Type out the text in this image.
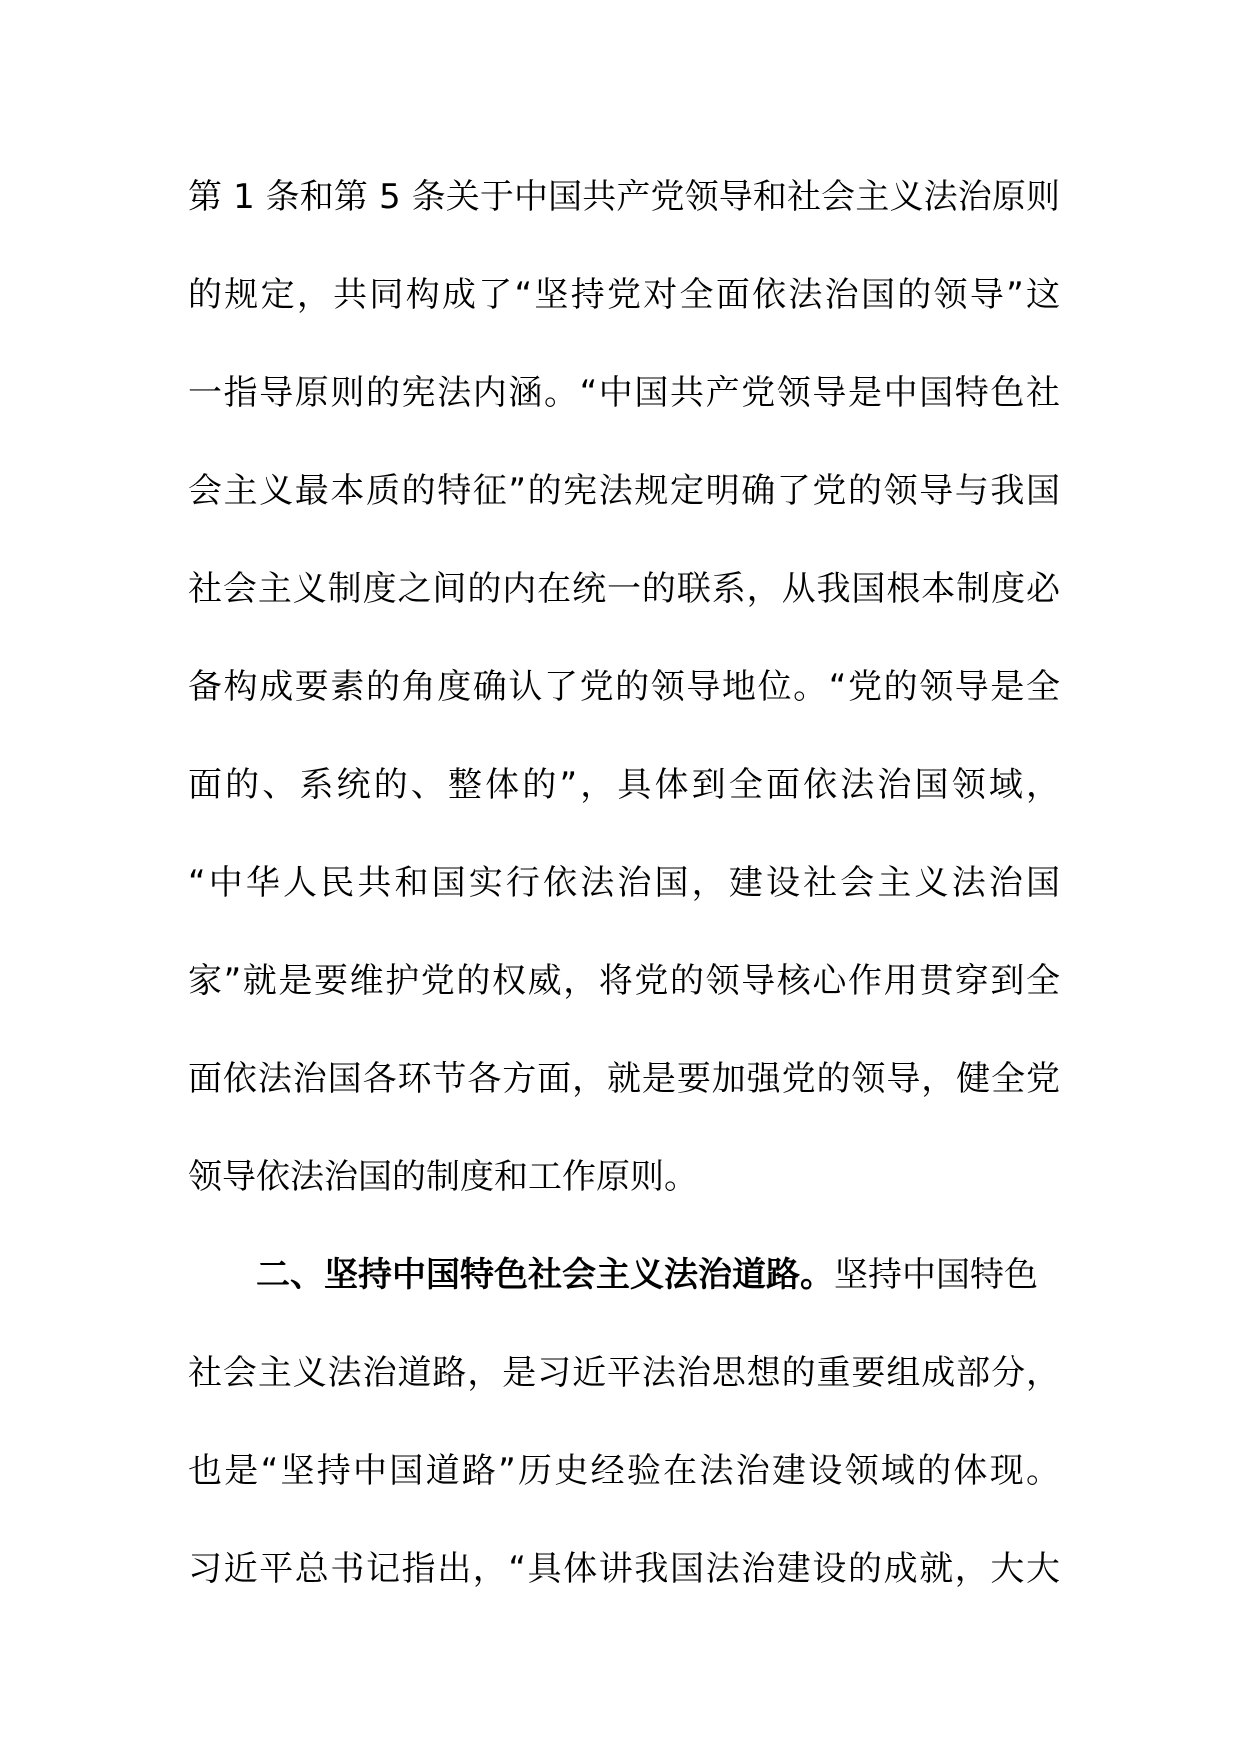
第 1 条和第 5 条关于中国共产党领导和社会主义法治原则
的规定，共同构成了“坚持党对全面依法治国的领导”这
一指导原则的宪法内涵。“中国共产党领导是中国特色社
会主义最本质的特征”的宪法规定明确了党的领导与我国
社会主义制度之间的内在统一的联系，从我国根本制度必
备构成要素的角度确认了党的领导地位。“党的领导是全
面的、系统的、整体的”，具体到全面依法治国领域，
“中华人民共和国实行依法治国，建设社会主义法治国
家”就是要维护党的权威，将党的领导核心作用贯穿到全
面依法治国各环节各方面，就是要加强党的领导，健全党
领导依法治国的制度和工作原则。
二、坚持中国特色社会主义法治道路。坚持中国特色
社会主义法治道路，是习近平法治思想的重要组成部分，
也是“坚持中国道路”历史经验在法治建设领域的体现。
习近平总书记指出，“具体讲我国法治建设的成就，大大
